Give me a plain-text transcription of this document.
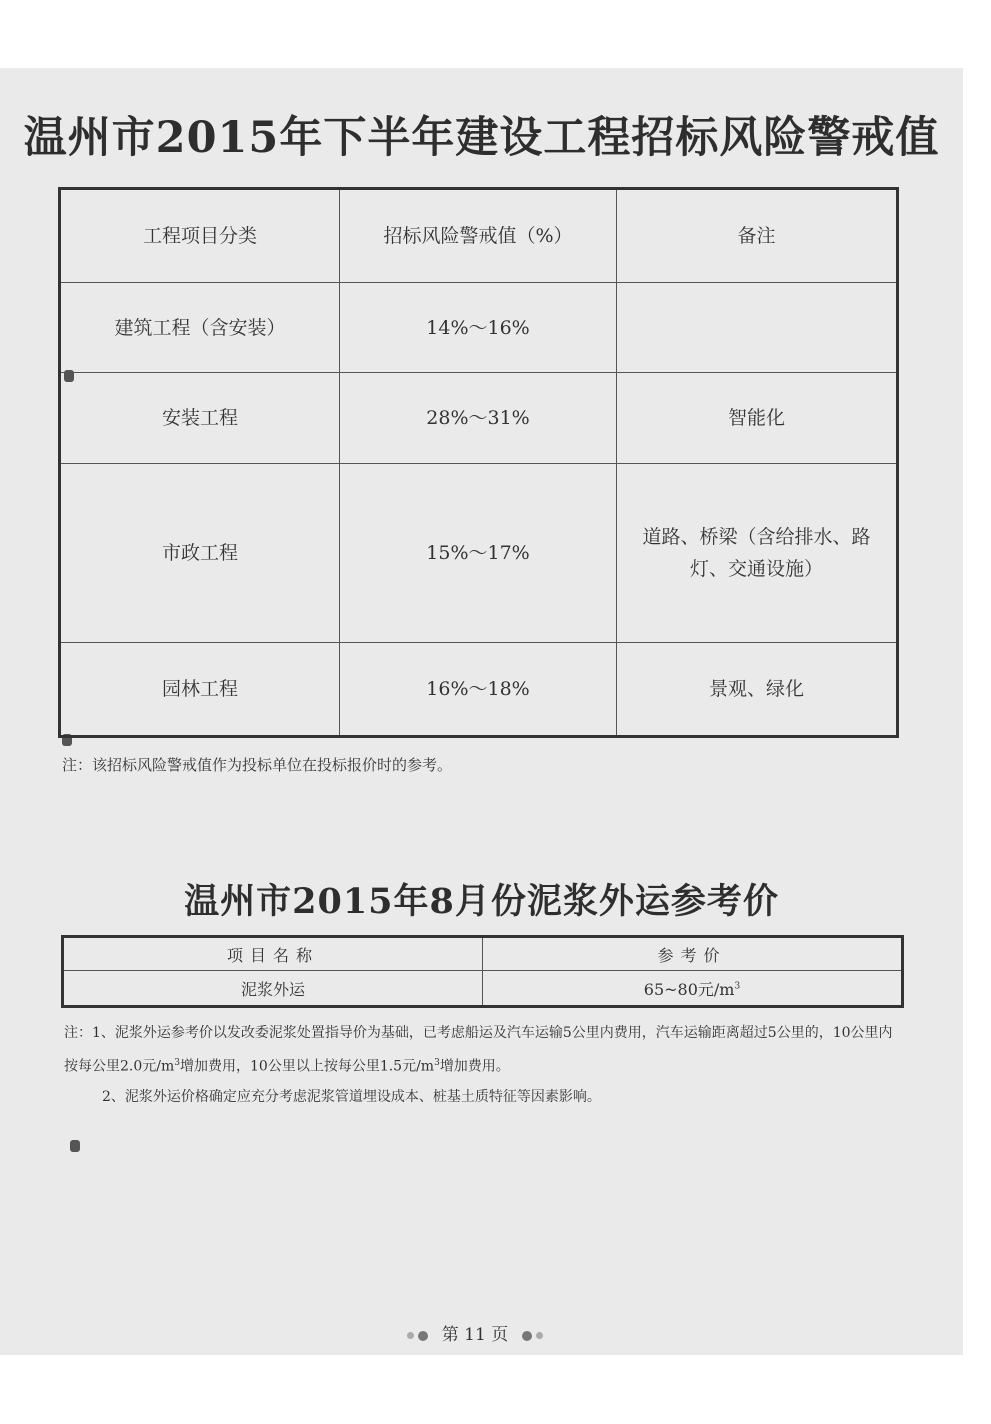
温州市2015年下半年建设工程招标风险警戒值
工程项目分类	招标风险警戒值（%）	备注
建筑工程（含安装）	14%～16%	
安装工程	28%～31%	智能化
市政工程	15%～17%	道路、桥梁（含给排水、路灯、交通设施）
园林工程	16%～18%	景观、绿化
注：该招标风险警戒值作为投标单位在投标报价时的参考。
温州市2015年8月份泥浆外运参考价
项目名称	参考价
泥浆外运	65~80元$/m^3$
注：1、泥浆外运参考价以发改委泥浆处置指导价为基础，已考虑船运及汽车运输5公里内费用，汽车运输距离超过5公里的，10公里内按每公里2.0元$/m^3$增加费用，10公里以上按每公里1.5元$/m^3$增加费用。
2、泥浆外运价格确定应充分考虑泥浆管道埋设成本、桩基土质特征等因素影响。
第 11 页
